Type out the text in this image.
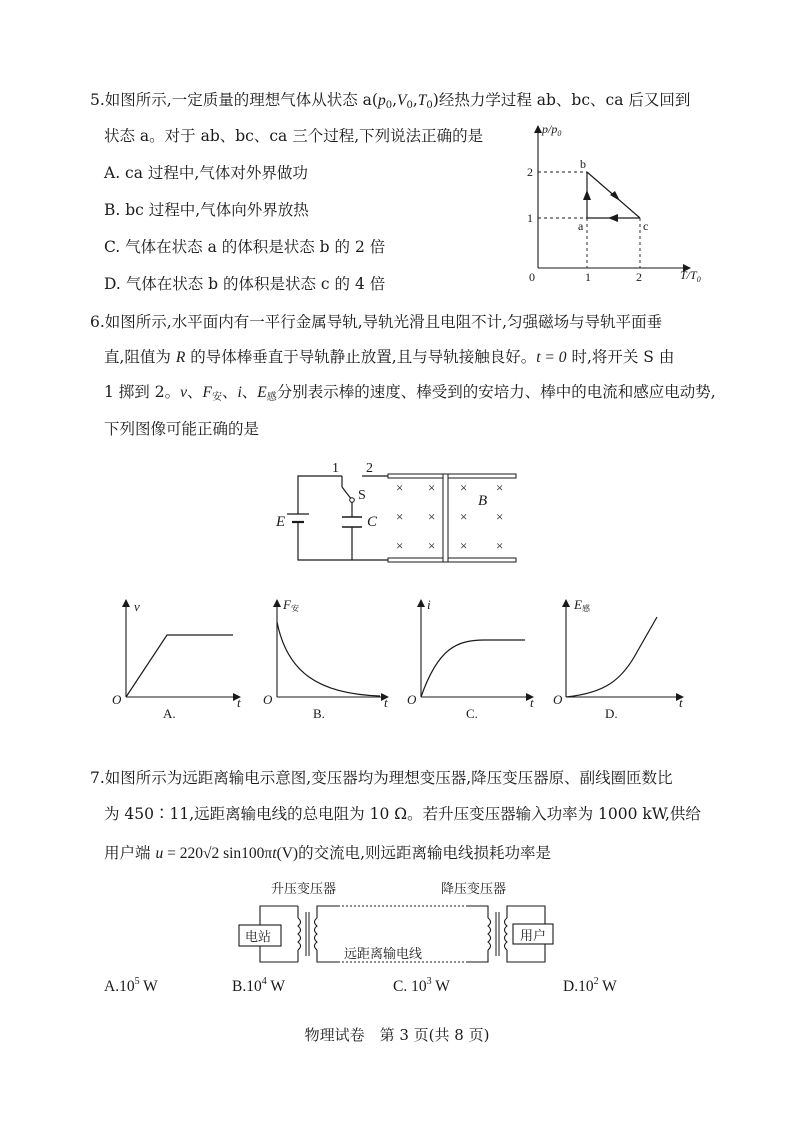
5.如图所示,一定质量的理想气体从状态 $a(p_0,V_0,T_0)$经热力学过程 ab、bc、ca 后又回到
状态 a。对于 ab、bc、ca 三个过程,下列说法正确的是
A. ca 过程中,气体对外界做功
B. bc 过程中,气体向外界放热
C. 气体在状态 a 的体积是状态 b 的 2 倍
D. 气体在状态 b 的体积是状态 c 的 4 倍
$p/p_0$
$T/T_0$
0
2
1
1	2
a
b
c
6.如图所示,水平面内有一平行金属导轨,导轨光滑且电阻不计,匀强磁场与导轨平面垂
直,阻值为 R 的导体棒垂直于导轨静止放置,且与导轨接触良好。t = 0 时,将开关 S 由
1 掷到 2。v、$F_安$、i、$E_感$分别表示棒的速度、棒受到的安培力、棒中的电流和感应电动势,
下列图像可能正确的是
E	C
S
1 2
× × × ×
× × × ×
× × × ×
B
v
t
O
A.
F安
t
O
B.
i
t
O
C.
E感
t
O
D.
7.如图所示为远距离输电示意图,变压器均为理想变压器,降压变压器原、副线圈匝数比
为 450∶11,远距离输电线的总电阻为 10 Ω。若升压变压器输入功率为 1000 kW,供给
用户端 u = 220√2 sin100πt(V)的交流电,则远距离输电线损耗功率是
升压变压器	降压变压器
电站
远距离输电线
用户
$A.10^5$ W	$B.10^4$ W	C. $10^3$ W	$D.10^2$ W
物理试卷　第 3 页(共 8 页)
